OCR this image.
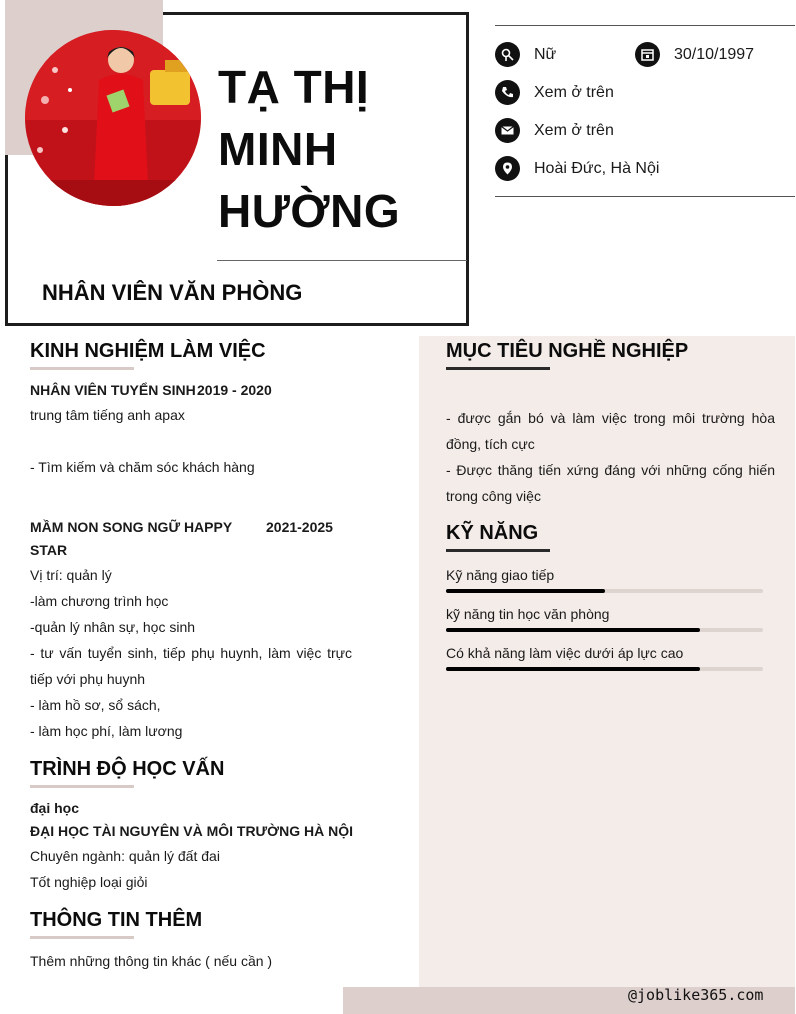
TẠ THỊ
MINH
HƯỜNG
NHÂN VIÊN VĂN PHÒNG
Nữ	30/10/1997
Xem ở trên
Xem ở trên
Hoài Đức, Hà Nội
@joblike365.com
KINH NGHIỆM LÀM VIỆC
NHÂN VIÊN TUYỂN SINH 2019 - 2020
trung tâm tiếng anh apax
- Tìm kiếm và chăm sóc khách hàng
MẦM NON SONG NGỮ HAPPY 2021-2025
STAR
Vị trí: quản lý
-làm chương trình học
-quản lý nhân sự, học sinh
- tư vấn tuyển sinh, tiếp phụ huynh, làm việc trực tiếp với phụ huynh
- làm hồ sơ, sổ sách,
- làm học phí, làm lương
TRÌNH ĐỘ HỌC VẤN
đại học
ĐẠI HỌC TÀI NGUYÊN VÀ MÔI TRƯỜNG HÀ NỘI
Chuyên ngành: quản lý đất đai
Tốt nghiệp loại giỏi
THÔNG TIN THÊM
Thêm những thông tin khác ( nếu cần )
MỤC TIÊU NGHỀ NGHIỆP
- được gắn bó và làm việc trong môi trường hòa đồng, tích cực
- Được thăng tiến xứng đáng với những cống hiến trong công việc
KỸ NĂNG
Kỹ năng giao tiếp
kỹ năng tin học văn phòng
Có khả năng làm việc dưới áp lực cao
